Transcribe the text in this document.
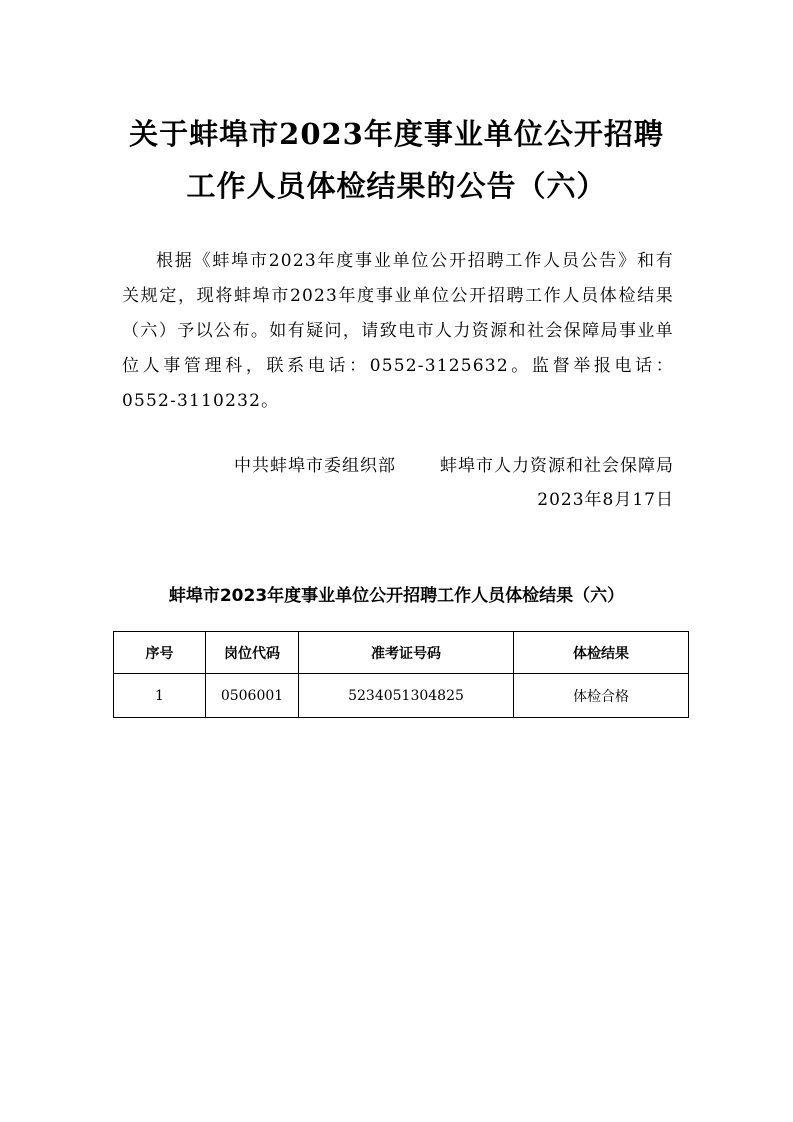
关于蚌埠市2023年度事业单位公开招聘
工作人员体检结果的公告（六）
根据《蚌埠市2023年度事业单位公开招聘工作人员公告》和有关规定，现将蚌埠市2023年度事业单位公开招聘工作人员体检结果（六）予以公布。如有疑问，请致电市人力资源和社会保障局事业单位人事管理科，联系电话：0552-3125632。监督举报电话：0552-3110232。
中共蚌埠市委组织部	蚌埠市人力资源和社会保障局
2023年8月17日
蚌埠市2023年度事业单位公开招聘工作人员体检结果（六）
序号	岗位代码	准考证号码	体检结果
1	0506001	5234051304825	体检合格
